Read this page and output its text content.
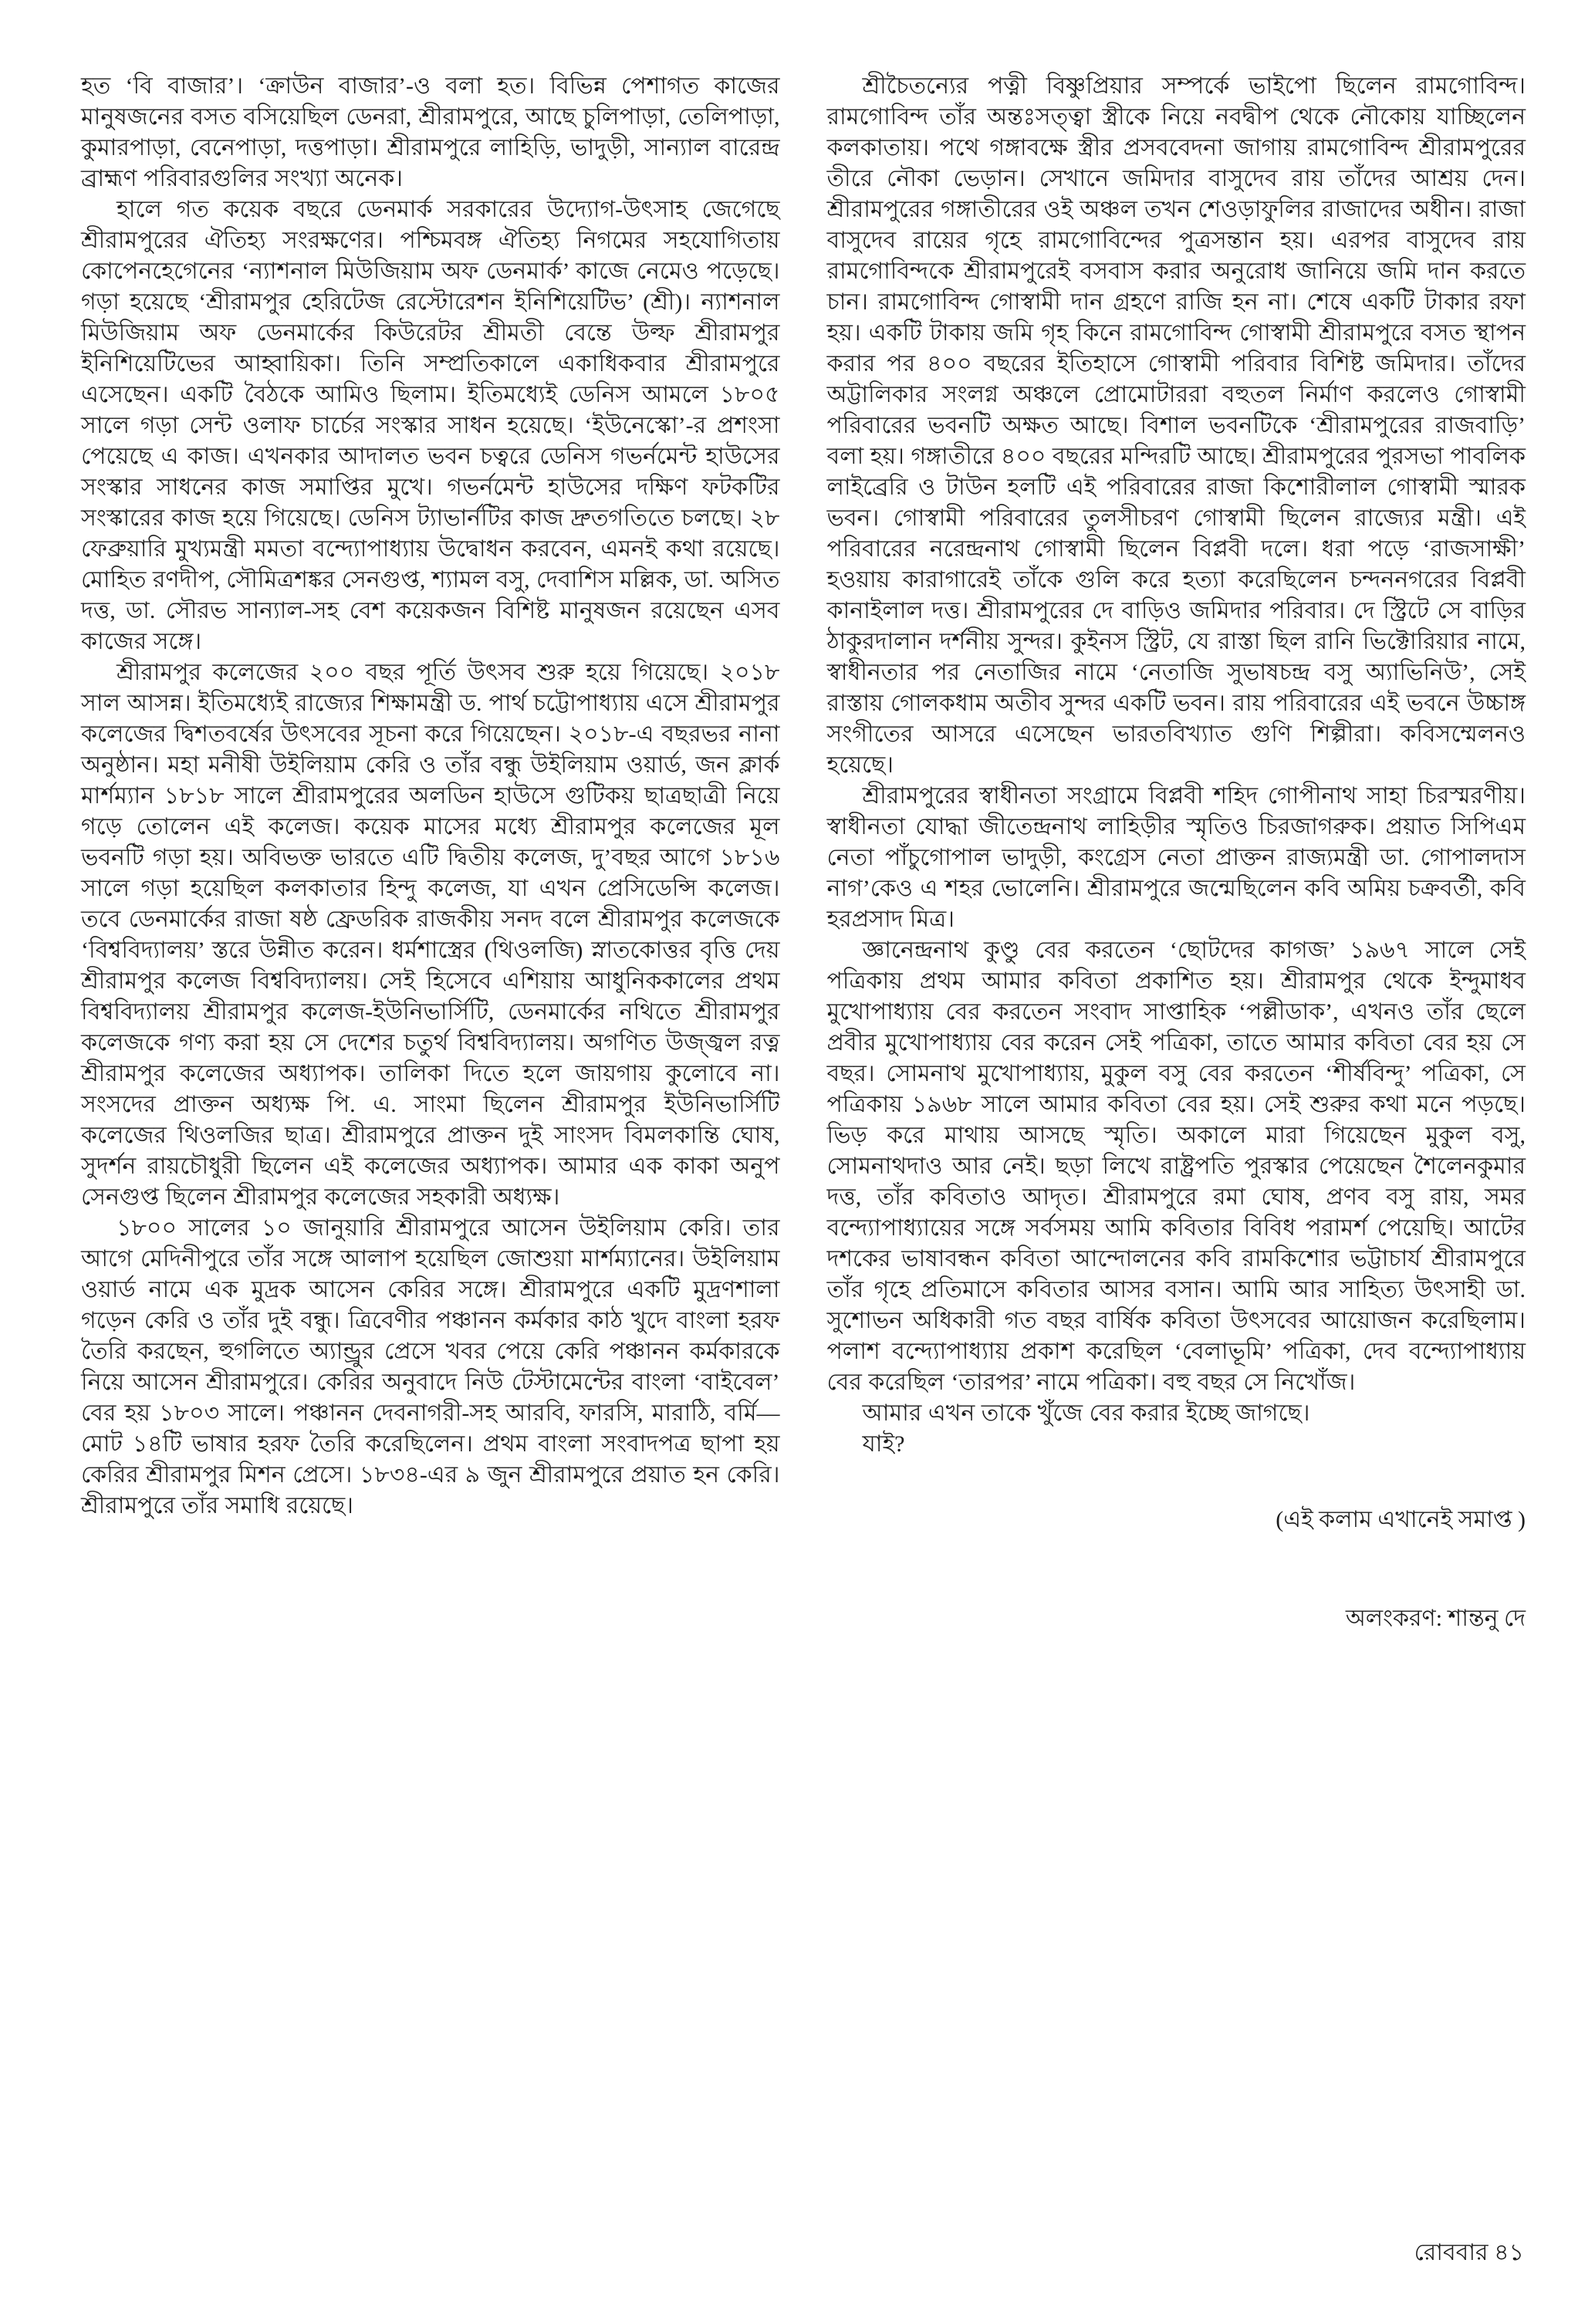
হত ‘বি বাজার’। ‘ক্রাউন বাজার’-ও বলা হত। বিভিন্ন পেশাগত কাজের মানুষজনের বসত বসিয়েছিল ডেনরা, শ্রীরামপুরে, আছে চুলিপাড়া, তেলিপাড়া, কুমারপাড়া, বেনেপাড়া, দত্তপাড়া। শ্রীরামপুরে লাহিড়ি, ভাদুড়ী, সান্যাল বারেন্দ্র ব্রাহ্মণ পরিবারগুলির সংখ্যা অনেক।

হালে গত কয়েক বছরে ডেনমার্ক সরকারের উদ্যোগ-উৎসাহ জেগেছে শ্রীরামপুরের ঐতিহ্য সংরক্ষণের। পশ্চিমবঙ্গ ঐতিহ্য নিগমের সহযোগিতায় কোপেনহেগেনের ‘ন্যাশনাল মিউজিয়াম অফ ডেনমার্ক’ কাজে নেমেও পড়েছে। গড়া হয়েছে ‘শ্রীরামপুর হেরিটেজ রেস্টোরেশন ইনিশিয়েটিভ’ (শ্রী)। ন্যাশনাল মিউজিয়াম অফ ডেনমার্কের কিউরেটর শ্রীমতী বেন্তে উল্ফ শ্রীরামপুর ইনিশিয়েটিভের আহ্বায়িকা। তিনি সম্প্রতিকালে একাধিকবার শ্রীরামপুরে এসেছেন। একটি বৈঠকে আমিও ছিলাম। ইতিমধ্যেই ডেনিস আমলে ১৮০৫ সালে গড়া সেন্ট ওলাফ চার্চের সংস্কার সাধন হয়েছে। ‘ইউনেস্কো’-র প্রশংসা পেয়েছে এ কাজ। এখনকার আদালত ভবন চত্বরে ডেনিস গভর্নমেন্ট হাউসের সংস্কার সাধনের কাজ সমাপ্তির মুখে। গভর্নমেন্ট হাউসের দক্ষিণ ফটকটির সংস্কারের কাজ হয়ে গিয়েছে। ডেনিস ট্যাভার্নটির কাজ দ্রুতগতিতে চলছে। ২৮ ফেব্রুয়ারি মুখ্যমন্ত্রী মমতা বন্দ্যোপাধ্যায় উদ্বোধন করবেন, এমনই কথা রয়েছে। মোহিত রণদীপ, সৌমিত্রশঙ্কর সেনগুপ্ত, শ্যামল বসু, দেবাশিস মল্লিক, ডা. অসিত দত্ত, ডা. সৌরভ সান্যাল-সহ বেশ কয়েকজন বিশিষ্ট মানুষজন রয়েছেন এসব কাজের সঙ্গে।

শ্রীরামপুর কলেজের ২০০ বছর পূর্তি উৎসব শুরু হয়ে গিয়েছে। ২০১৮ সাল আসন্ন। ইতিমধ্যেই রাজ্যের শিক্ষামন্ত্রী ড. পার্থ চট্টোপাধ্যায় এসে শ্রীরামপুর কলেজের দ্বিশতবর্ষের উৎসবের সূচনা করে গিয়েছেন। ২০১৮-এ বছরভর নানা অনুষ্ঠান। মহা মনীষী উইলিয়াম কেরি ও তাঁর বন্ধু উইলিয়াম ওয়ার্ড, জন ক্লার্ক মার্শম্যান ১৮১৮ সালে শ্রীরামপুরের অলডিন হাউসে গুটিকয় ছাত্রছাত্রী নিয়ে গড়ে তোলেন এই কলেজ। কয়েক মাসের মধ্যে শ্রীরামপুর কলেজের মূল ভবনটি গড়া হয়। অবিভক্ত ভারতে এটি দ্বিতীয় কলেজ, দু’বছর আগে ১৮১৬ সালে গড়া হয়েছিল কলকাতার হিন্দু কলেজ, যা এখন প্রেসিডেন্সি কলেজ। তবে ডেনমার্কের রাজা ষষ্ঠ ফ্রেডরিক রাজকীয় সনদ বলে শ্রীরামপুর কলেজকে ‘বিশ্ববিদ্যালয়’ স্তরে উন্নীত করেন। ধর্মশাস্ত্রের (থিওলজি) স্নাতকোত্তর বৃত্তি দেয় শ্রীরামপুর কলেজ বিশ্ববিদ্যালয়। সেই হিসেবে এশিয়ায় আধুনিককালের প্রথম বিশ্ববিদ্যালয় শ্রীরামপুর কলেজ-ইউনিভার্সিটি, ডেনমার্কের নথিতে শ্রীরামপুর কলেজকে গণ্য করা হয় সে দেশের চতুর্থ বিশ্ববিদ্যালয়। অগণিত উজ্জ্বল রত্ন শ্রীরামপুর কলেজের অধ্যাপক। তালিকা দিতে হলে জায়গায় কুলোবে না। সংসদের প্রাক্তন অধ্যক্ষ পি. এ. সাংমা ছিলেন শ্রীরামপুর ইউনিভার্সিটি কলেজের থিওলজির ছাত্র। শ্রীরামপুরে প্রাক্তন দুই সাংসদ বিমলকান্তি ঘোষ, সুদর্শন রায়চৌধুরী ছিলেন এই কলেজের অধ্যাপক। আমার এক কাকা অনুপ সেনগুপ্ত ছিলেন শ্রীরামপুর কলেজের সহকারী অধ্যক্ষ।

১৮০০ সালের ১০ জানুয়ারি শ্রীরামপুরে আসেন উইলিয়াম কেরি। তার আগে মেদিনীপুরে তাঁর সঙ্গে আলাপ হয়েছিল জোশুয়া মার্শম্যানের। উইলিয়াম ওয়ার্ড নামে এক মুদ্রক আসেন কেরির সঙ্গে। শ্রীরামপুরে একটি মুদ্রণশালা গড়েন কেরি ও তাঁর দুই বন্ধু। ত্রিবেণীর পঞ্চানন কর্মকার কাঠ খুদে বাংলা হরফ তৈরি করছেন, হুগলিতে অ্যান্ড্রুর প্রেসে খবর পেয়ে কেরি পঞ্চানন কর্মকারকে নিয়ে আসেন শ্রীরামপুরে। কেরির অনুবাদে নিউ টেস্টামেন্টের বাংলা ‘বাইবেল’ বের হয় ১৮০৩ সালে। পঞ্চানন দেবনাগরী-সহ আরবি, ফারসি, মারাঠি, বর্মি— মোট ১৪টি ভাষার হরফ তৈরি করেছিলেন। প্রথম বাংলা সংবাদপত্র ছাপা হয় কেরির শ্রীরামপুর মিশন প্রেসে। ১৮৩৪-এর ৯ জুন শ্রীরামপুরে প্রয়াত হন কেরি। শ্রীরামপুরে তাঁর সমাধি রয়েছে।

শ্রীচৈতন্যের পত্নী বিষ্ণুপ্রিয়ার সম্পর্কে ভাইপো ছিলেন রামগোবিন্দ। রামগোবিন্দ তাঁর অন্তঃসত্ত্বা স্ত্রীকে নিয়ে নবদ্বীপ থেকে নৌকোয় যাচ্ছিলেন কলকাতায়। পথে গঙ্গাবক্ষে স্ত্রীর প্রসববেদনা জাগায় রামগোবিন্দ শ্রীরামপুরের তীরে নৌকা ভেড়ান। সেখানে জমিদার বাসুদেব রায় তাঁদের আশ্রয় দেন। শ্রীরামপুরের গঙ্গাতীরের ওই অঞ্চল তখন শেওড়াফুলির রাজাদের অধীন। রাজা বাসুদেব রায়ের গৃহে রামগোবিন্দের পুত্রসন্তান হয়। এরপর বাসুদেব রায় রামগোবিন্দকে শ্রীরামপুরেই বসবাস করার অনুরোধ জানিয়ে জমি দান করতে চান। রামগোবিন্দ গোস্বামী দান গ্রহণে রাজি হন না। শেষে একটি টাকার রফা হয়। একটি টাকায় জমি গৃহ কিনে রামগোবিন্দ গোস্বামী শ্রীরামপুরে বসত স্থাপন করার পর ৪০০ বছরের ইতিহাসে গোস্বামী পরিবার বিশিষ্ট জমিদার। তাঁদের অট্টালিকার সংলগ্ন অঞ্চলে প্রোমোটাররা বহুতল নির্মাণ করলেও গোস্বামী পরিবারের ভবনটি অক্ষত আছে। বিশাল ভবনটিকে ‘শ্রীরামপুরের রাজবাড়ি’ বলা হয়। গঙ্গাতীরে ৪০০ বছরের মন্দিরটি আছে। শ্রীরামপুরের পুরসভা পাবলিক লাইব্রেরি ও টাউন হলটি এই পরিবারের রাজা কিশোরীলাল গোস্বামী স্মারক ভবন। গোস্বামী পরিবারের তুলসীচরণ গোস্বামী ছিলেন রাজ্যের মন্ত্রী। এই পরিবারের নরেন্দ্রনাথ গোস্বামী ছিলেন বিপ্লবী দলে। ধরা পড়ে ‘রাজসাক্ষী’ হওয়ায় কারাগারেই তাঁকে গুলি করে হত্যা করেছিলেন চন্দননগরের বিপ্লবী কানাইলাল দত্ত। শ্রীরামপুরের দে বাড়িও জমিদার পরিবার। দে স্ট্রিটে সে বাড়ির ঠাকুরদালান দর্শনীয় সুন্দর। কুইনস স্ট্রিট, যে রাস্তা ছিল রানি ভিক্টোরিয়ার নামে, স্বাধীনতার পর নেতাজির নামে ‘নেতাজি সুভাষচন্দ্র বসু অ্যাভিনিউ’, সেই রাস্তায় গোলকধাম অতীব সুন্দর একটি ভবন। রায় পরিবারের এই ভবনে উচ্চাঙ্গ সংগীতের আসরে এসেছেন ভারতবিখ্যাত গুণি শিল্পীরা। কবিসম্মেলনও হয়েছে।

শ্রীরামপুরের স্বাধীনতা সংগ্রামে বিপ্লবী শহিদ গোপীনাথ সাহা চিরস্মরণীয়। স্বাধীনতা যোদ্ধা জীতেন্দ্রনাথ লাহিড়ীর স্মৃতিও চিরজাগরুক। প্রয়াত সিপিএম নেতা পাঁচুগোপাল ভাদুড়ী, কংগ্রেস নেতা প্রাক্তন রাজ্যমন্ত্রী ডা. গোপালদাস নাগ’কেও এ শহর ভোলেনি। শ্রীরামপুরে জন্মেছিলেন কবি অমিয় চক্রবর্তী, কবি হরপ্রসাদ মিত্র।

জ্ঞানেন্দ্রনাথ কুণ্ডু বের করতেন ‘ছোটদের কাগজ’ ১৯৬৭ সালে সেই পত্রিকায় প্রথম আমার কবিতা প্রকাশিত হয়। শ্রীরামপুর থেকে ইন্দুমাধব মুখোপাধ্যায় বের করতেন সংবাদ সাপ্তাহিক ‘পল্লীডাক’, এখনও তাঁর ছেলে প্রবীর মুখোপাধ্যায় বের করেন সেই পত্রিকা, তাতে আমার কবিতা বের হয় সে বছর। সোমনাথ মুখোপাধ্যায়, মুকুল বসু বের করতেন ‘শীর্ষবিন্দু’ পত্রিকা, সে পত্রিকায় ১৯৬৮ সালে আমার কবিতা বের হয়। সেই শুরুর কথা মনে পড়ছে। ভিড় করে মাথায় আসছে স্মৃতি। অকালে মারা গিয়েছেন মুকুল বসু, সোমনাথদাও আর নেই। ছড়া লিখে রাষ্ট্রপতি পুরস্কার পেয়েছেন শৈলেনকুমার দত্ত, তাঁর কবিতাও আদৃত। শ্রীরামপুরে রমা ঘোষ, প্রণব বসু রায়, সমর বন্দ্যোপাধ্যায়ের সঙ্গে সর্বসময় আমি কবিতার বিবিধ পরামর্শ পেয়েছি। আটের দশকের ভাষাবন্ধন কবিতা আন্দোলনের কবি রামকিশোর ভট্টাচার্য শ্রীরামপুরে তাঁর গৃহে প্রতিমাসে কবিতার আসর বসান। আমি আর সাহিত্য উৎসাহী ডা. সুশোভন অধিকারী গত বছর বার্ষিক কবিতা উৎসবের আয়োজন করেছিলাম। পলাশ বন্দ্যোপাধ্যায় প্রকাশ করেছিল ‘বেলাভূমি’ পত্রিকা, দেব বন্দ্যোপাধ্যায় বের করেছিল ‘তারপর’ নামে পত্রিকা। বহু বছর সে নিখোঁজ।

আমার এখন তাকে খুঁজে বের করার ইচ্ছে জাগছে।

যাই?

(এই কলাম এখানেই সমাপ্ত )
অলংকরণ: শান্তনু দে
রোববার ৪১
